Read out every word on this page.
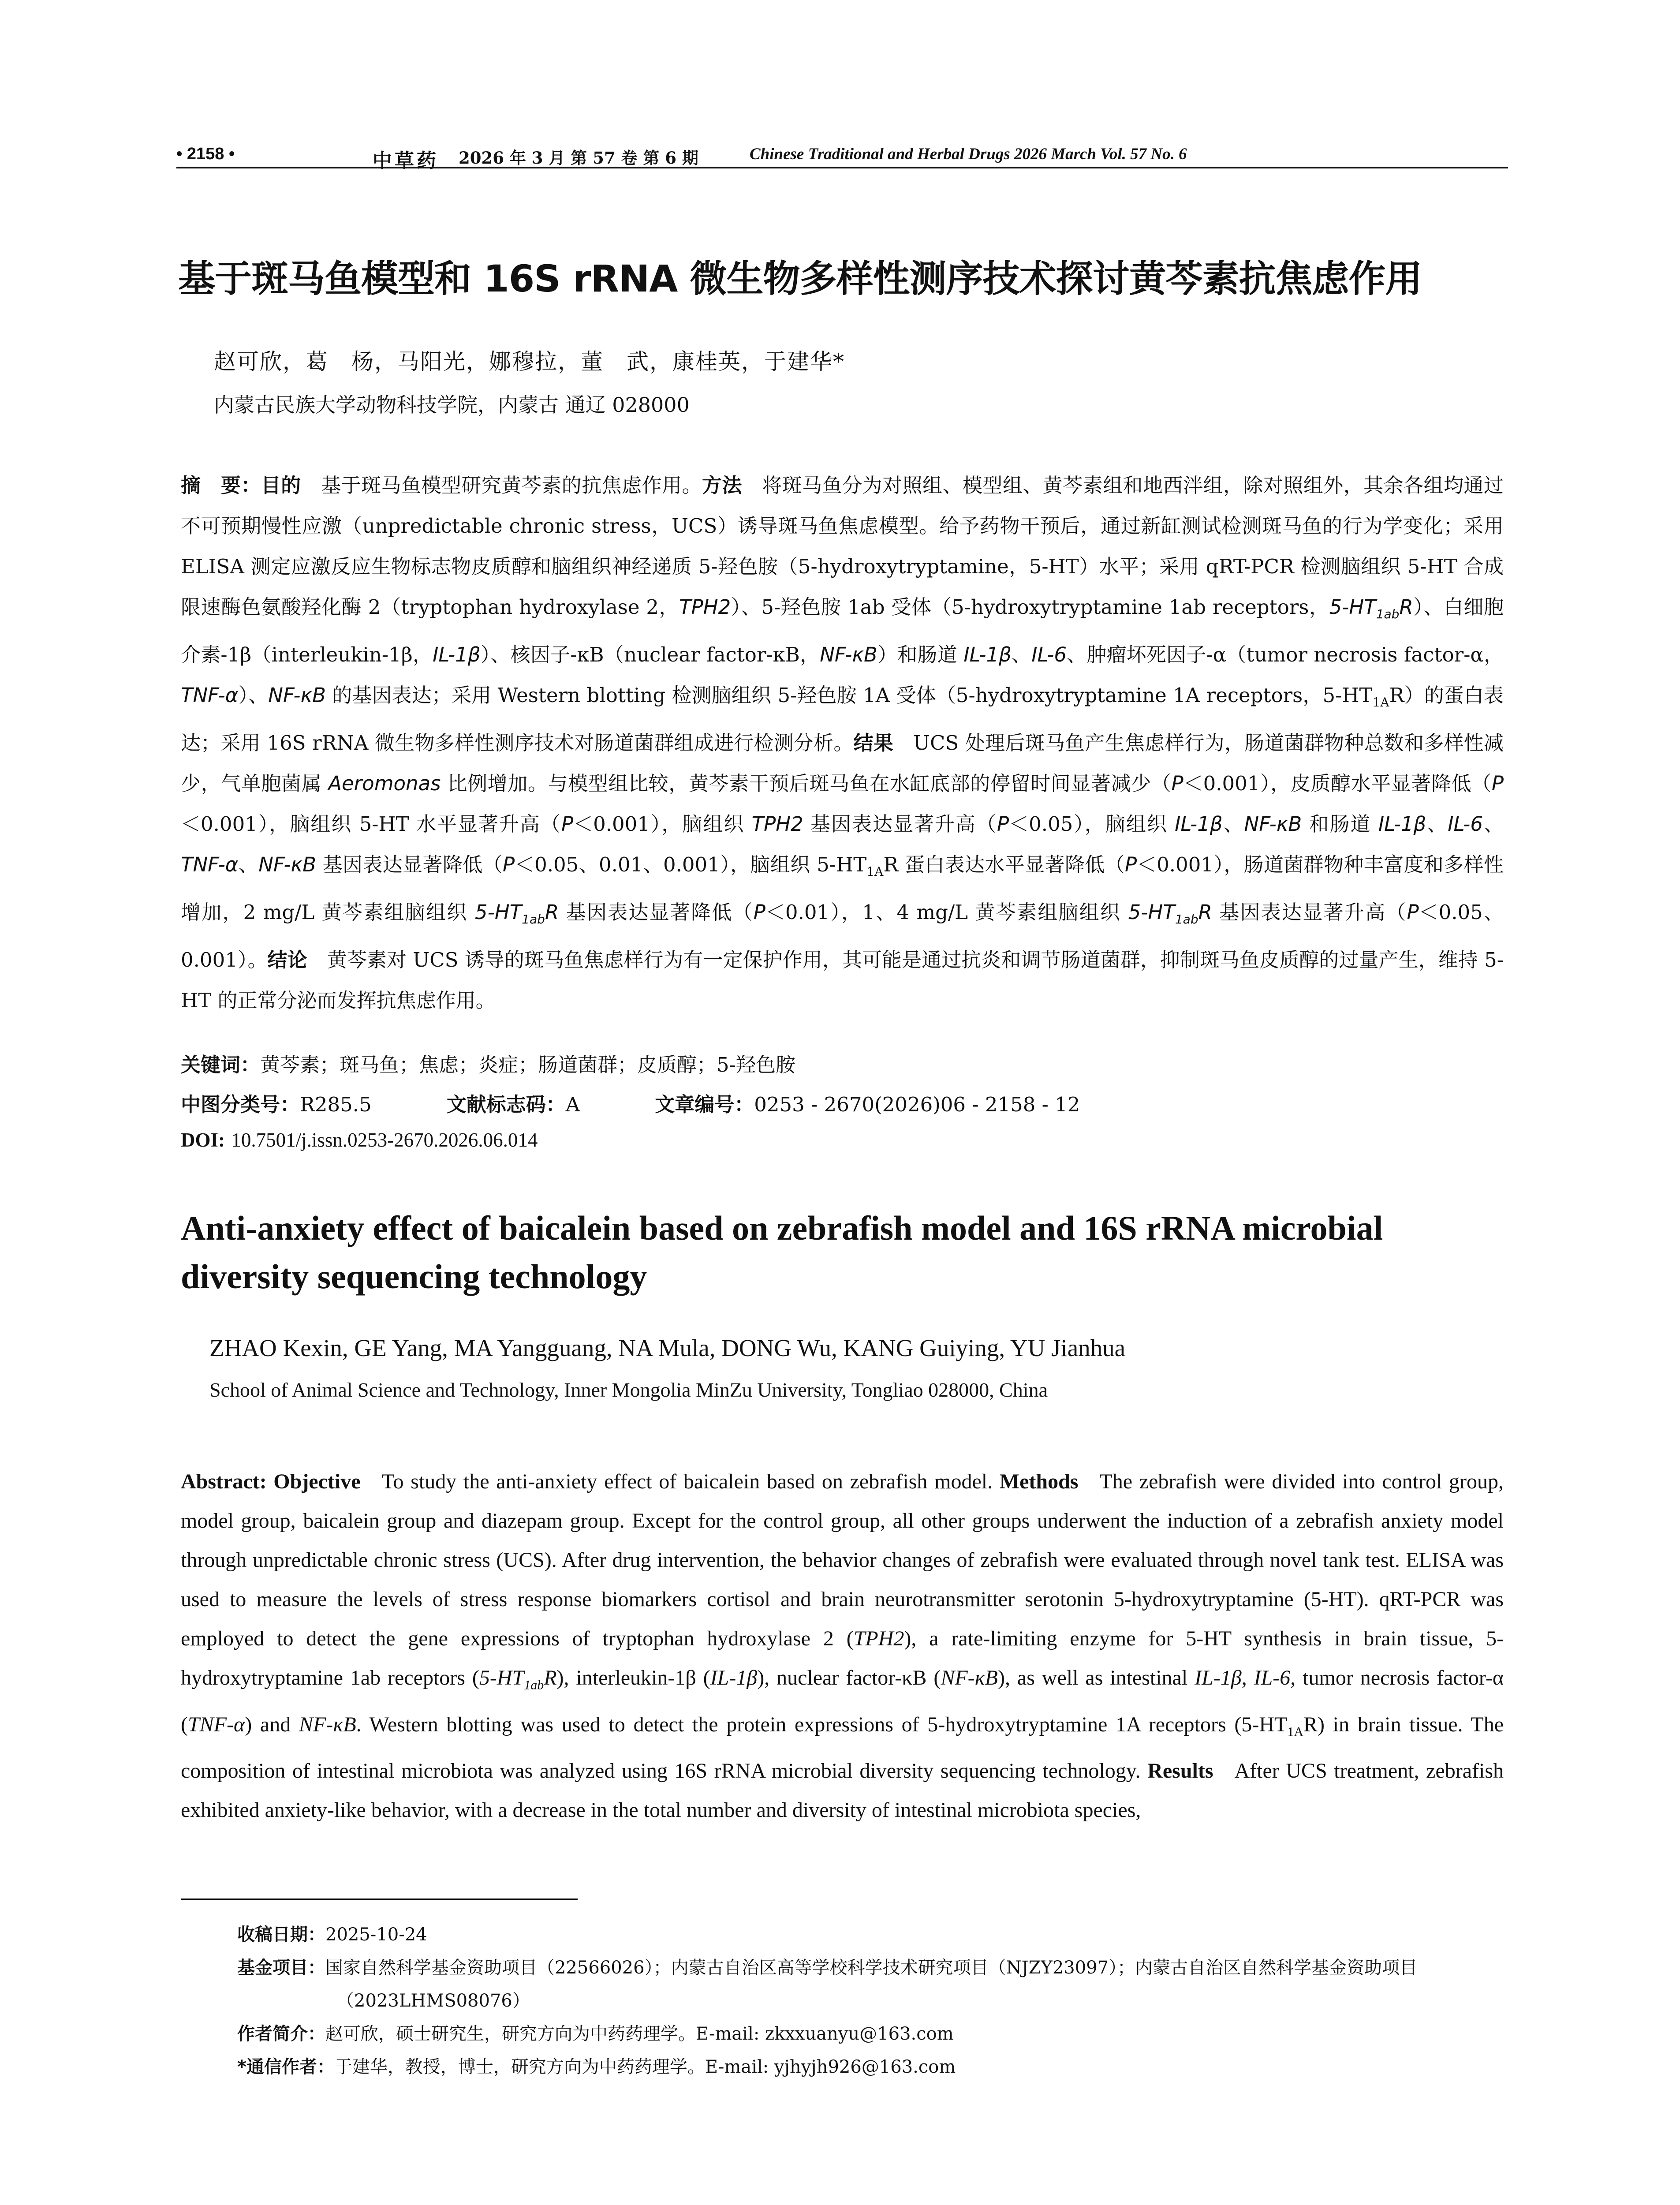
• 2158 •	中草药 2026 年 3 月 第 57 卷 第 6 期	Chinese Traditional and Herbal Drugs 2026 March Vol. 57 No. 6
基于斑马鱼模型和 16S rRNA 微生物多样性测序技术探讨黄芩素抗焦虑作用
赵可欣，葛　杨，马阳光，娜穆拉，董　武，康桂英，于建华*
内蒙古民族大学动物科技学院，内蒙古 通辽 028000
摘　要：目的  基于斑马鱼模型研究黄芩素的抗焦虑作用。方法  将斑马鱼分为对照组、模型组、黄芩素组和地西泮组，除对照组外，其余各组均通过不可预期慢性应激（unpredictable chronic stress，UCS）诱导斑马鱼焦虑模型。给予药物干预后，通过新缸测试检测斑马鱼的行为学变化；采用 ELISA 测定应激反应生物标志物皮质醇和脑组织神经递质 5-羟色胺（5-hydroxytryptamine，5-HT）水平；采用 qRT-PCR 检测脑组织 5-HT 合成限速酶色氨酸羟化酶 2（tryptophan hydroxylase 2，TPH2）、5-羟色胺 1ab 受体（5-hydroxytryptamine 1ab receptors，$5-HT_{1ab}R$）、白细胞介素-1β（interleukin-1β，IL-1β）、核因子-κB（nuclear factor-κB，NF-κB）和肠道 IL-1β、IL-6、肿瘤坏死因子-α（tumor necrosis factor-α，TNF-α）、NF-κB 的基因表达；采用 Western blotting 检测脑组织 5-羟色胺 1A 受体（5-hydroxytryptamine 1A receptors，$5-HT_{1A}R$）的蛋白表达；采用 16S rRNA 微生物多样性测序技术对肠道菌群组成进行检测分析。结果  UCS 处理后斑马鱼产生焦虑样行为，肠道菌群物种总数和多样性减少，气单胞菌属 Aeromonas 比例增加。与模型组比较，黄芩素干预后斑马鱼在水缸底部的停留时间显著减少（P＜0.001），皮质醇水平显著降低（P＜0.001），脑组织 5-HT 水平显著升高（P＜0.001），脑组织 TPH2 基因表达显著升高（P＜0.05），脑组织 IL-1β、NF-κB 和肠道 IL-1β、IL-6、TNF-α、NF-κB 基因表达显著降低（P＜0.05、0.01、0.001），脑组织 $5-HT_{1A}R$ 蛋白表达水平显著降低（P＜0.001），肠道菌群物种丰富度和多样性增加，2 mg/L 黄芩素组脑组织 $5-HT_{1ab}R$ 基因表达显著降低（P＜0.01），1、4 mg/L 黄芩素组脑组织 $5-HT_{1ab}R$ 基因表达显著升高（P＜0.05、0.001）。结论  黄芩素对 UCS 诱导的斑马鱼焦虑样行为有一定保护作用，其可能是通过抗炎和调节肠道菌群，抑制斑马鱼皮质醇的过量产生，维持 5-HT 的正常分泌而发挥抗焦虑作用。
关键词：黄芩素；斑马鱼；焦虑；炎症；肠道菌群；皮质醇；5-羟色胺
中图分类号：R285.5	文献标志码：A	文章编号：0253 - 2670(2026)06 - 2158 - 12
DOI: 10.7501/j.issn.0253-2670.2026.06.014
Anti-anxiety effect of baicalein based on zebrafish model and 16S rRNA microbial diversity sequencing technology
ZHAO Kexin, GE Yang, MA Yangguang, NA Mula, DONG Wu, KANG Guiying, YU Jianhua
School of Animal Science and Technology, Inner Mongolia MinZu University, Tongliao 028000, China
Abstract: Objective  To study the anti-anxiety effect of baicalein based on zebrafish model. Methods  The zebrafish were divided into control group, model group, baicalein group and diazepam group. Except for the control group, all other groups underwent the induction of a zebrafish anxiety model through unpredictable chronic stress (UCS). After drug intervention, the behavior changes of zebrafish were evaluated through novel tank test. ELISA was used to measure the levels of stress response biomarkers cortisol and brain neurotransmitter serotonin 5-hydroxytryptamine (5-HT). qRT-PCR was employed to detect the gene expressions of tryptophan hydroxylase 2 (TPH2), a rate-limiting enzyme for 5-HT synthesis in brain tissue, 5-hydroxytryptamine 1ab receptors $(5-HT_{1ab}R)$, interleukin-1β (IL-1β), nuclear factor-κB (NF-κB), as well as intestinal IL-1β, IL-6, tumor necrosis factor-α (TNF-α) and NF-κB. Western blotting was used to detect the protein expressions of 5-hydroxytryptamine 1A receptors $(5-HT_{1A}R)$ in brain tissue. The composition of intestinal microbiota was analyzed using 16S rRNA microbial diversity sequencing technology. Results  After UCS treatment, zebrafish exhibited anxiety-like behavior, with a decrease in the total number and diversity of intestinal microbiota species,
收稿日期：2025-10-24
基金项目：国家自然科学基金资助项目（22566026）；内蒙古自治区高等学校科学技术研究项目（NJZY23097）；内蒙古自治区自然科学基金资助项目（2023LHMS08076）
作者简介：赵可欣，硕士研究生，研究方向为中药药理学。E-mail: zkxxuanyu@163.com
*通信作者：于建华，教授，博士，研究方向为中药药理学。E-mail: yjhyjh926@163.com
